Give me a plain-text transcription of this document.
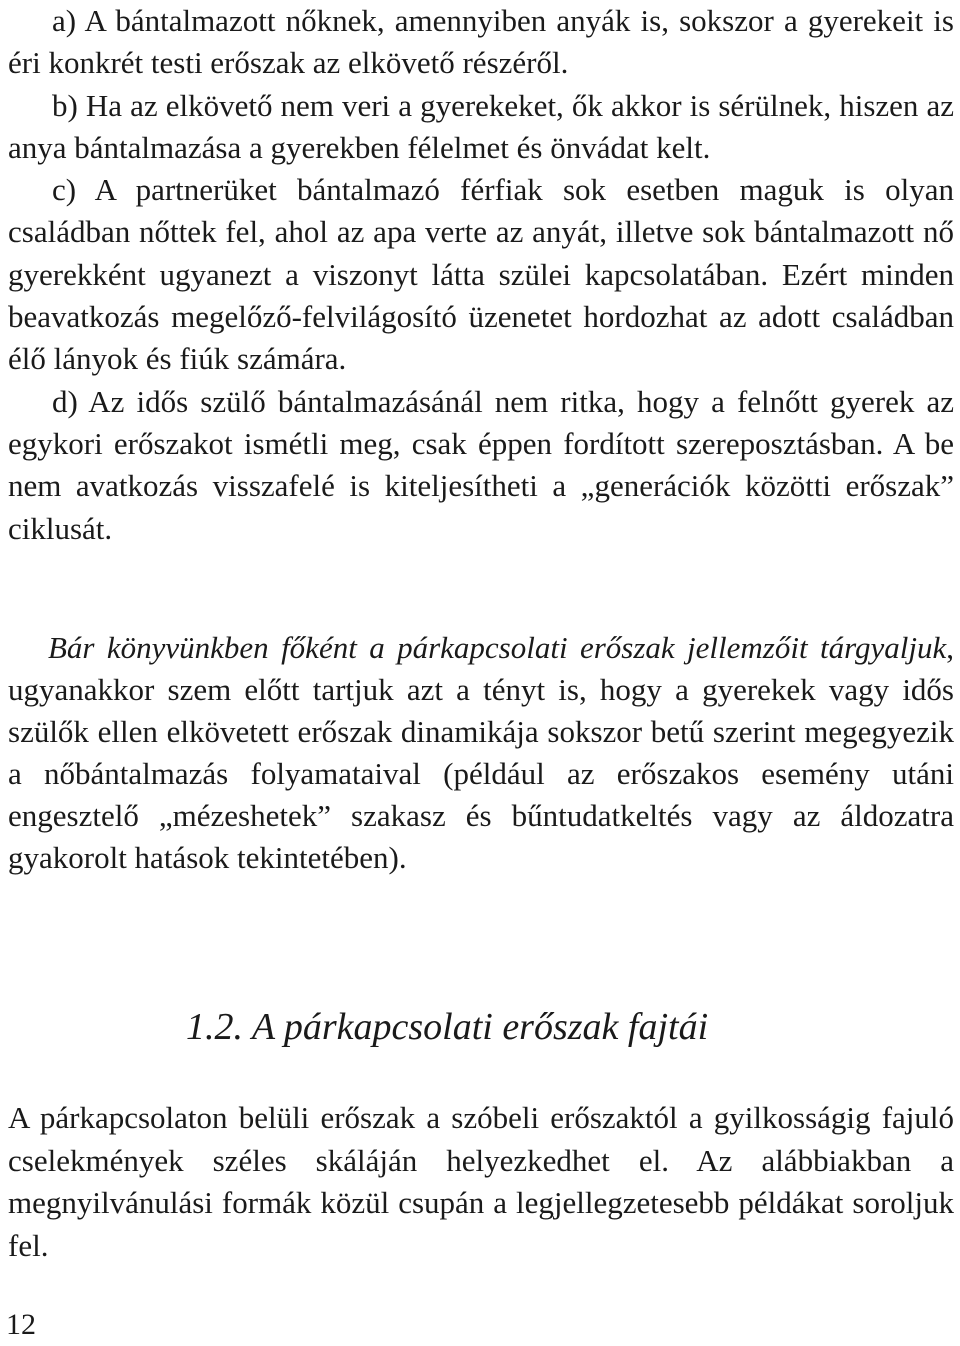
a) A bántalmazott nőknek, amennyiben anyák is, sokszor a gyerekeit is éri konkrét testi erőszak az elkövető részéről.

b) Ha az elkövető nem veri a gyerekeket, ők akkor is sérülnek, hiszen az anya bántalmazása a gyerekben félelmet és önvádat kelt.

c) A partnerüket bántalmazó férfiak sok esetben maguk is olyan családban nőttek fel, ahol az apa verte az anyát, illetve sok bántalmazott nő gyerekként ugyanezt a viszonyt látta szülei kapcsolatában. Ezért minden beavatkozás megelőző-felvilágosító üzenetet hordozhat az adott családban élő lányok és fiúk számára.

d) Az idős szülő bántalmazásánál nem ritka, hogy a felnőtt gyerek az egykori erőszakot ismétli meg, csak éppen fordított szereposztásban. A be nem avatkozás visszafelé is kiteljesítheti a „generációk közötti erőszak” ciklusát.

Bár könyvünkben főként a párkapcsolati erőszak jellemzőit tárgyaljuk, ugyanakkor szem előtt tartjuk azt a tényt is, hogy a gyerekek vagy idős szülők ellen elkövetett erőszak dinamikája sokszor betű szerint megegyezik a nőbántalmazás folyamataival (például az erőszakos esemény utáni engesztelő „mézeshetek” szakasz és bűntudatkeltés vagy az áldozatra gyakorolt hatások tekintetében).

1.2. A párkapcsolati erőszak fajtái

A párkapcsolaton belüli erőszak a szóbeli erőszaktól a gyilkosságig fajuló cselekmények széles skáláján helyezkedhet el. Az alábbiakban a megnyilvánulási formák közül csupán a legjellegzetesebb példákat soroljuk fel.

12
